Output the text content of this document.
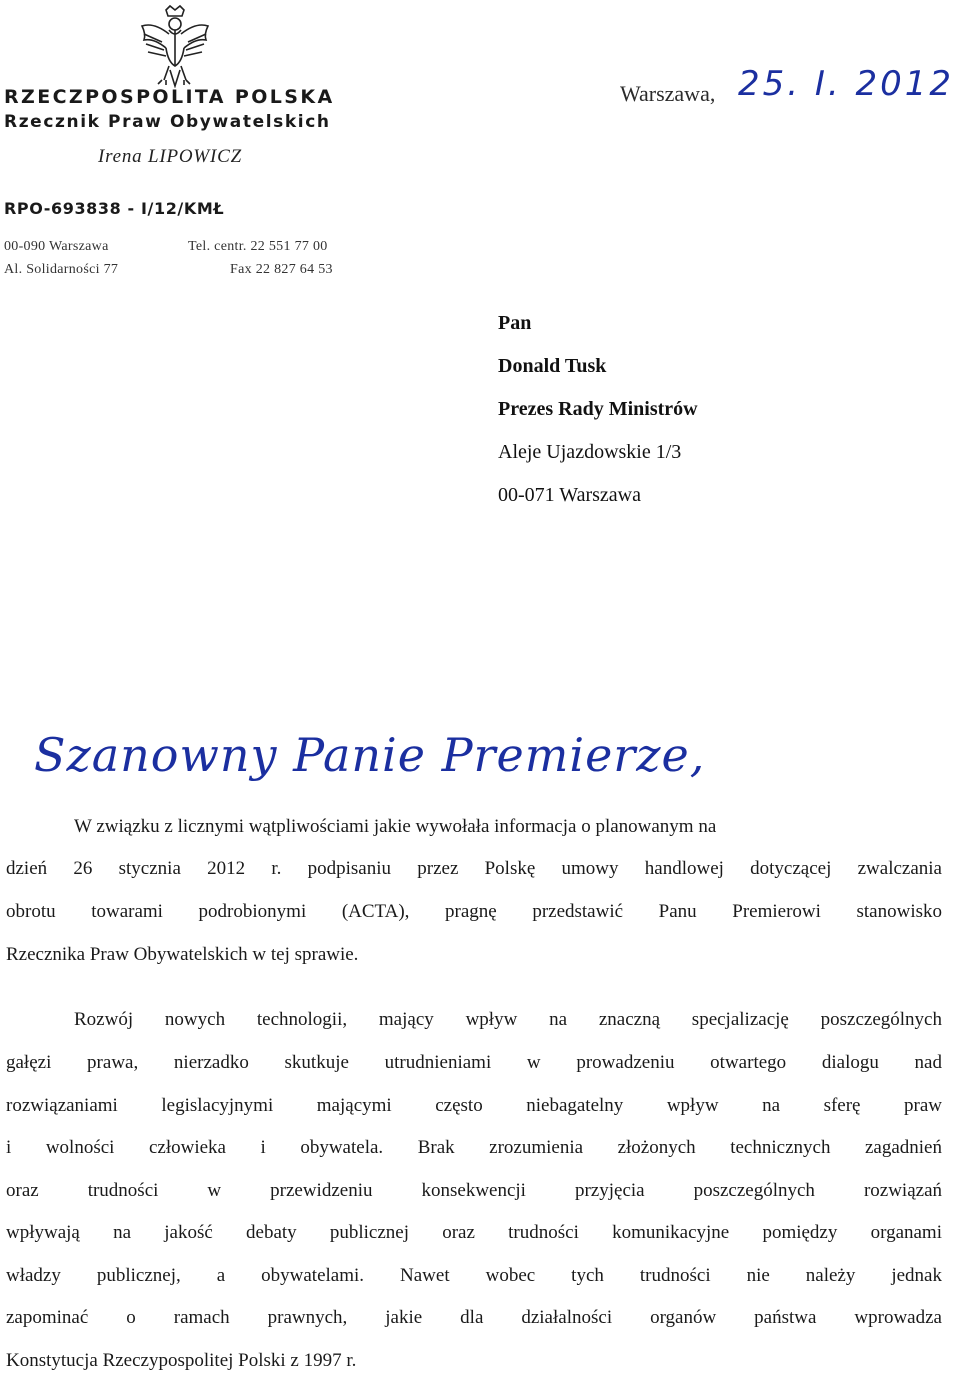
RZECZPOSPOLITA POLSKA
Rzecznik Praw Obywatelskich
Irena LIPOWICZ
RPO-693838 - I/12/KMŁ
00-090 Warszawa
Al. Solidarności 77
Tel. centr. 22 551 77 00
Fax 22 827 64 53
Warszawa, 25. I. 2012
Pan
Donald Tusk
Prezes Rady Ministrów
Aleje Ujazdowskie 1/3
00-071 Warszawa
Szanowny Panie Premierze,
W związku z licznymi wątpliwościami jakie wywołała informacja o planowanym na
dzień 26 stycznia 2012 r. podpisaniu przez Polskę umowy handlowej dotyczącej zwalczania
obrotu towarami podrobionymi (ACTA), pragnę przedstawić Panu Premierowi stanowisko
Rzecznika Praw Obywatelskich w tej sprawie.
Rozwój nowych technologii, mający wpływ na znaczną specjalizację poszczególnych
gałęzi prawa, nierzadko skutkuje utrudnieniami w prowadzeniu otwartego dialogu nad
rozwiązaniami legislacyjnymi mającymi często niebagatelny wpływ na sferę praw
i wolności człowieka i obywatela. Brak zrozumienia złożonych technicznych zagadnień
oraz trudności w przewidzeniu konsekwencji przyjęcia poszczególnych rozwiązań
wpływają na jakość debaty publicznej oraz trudności komunikacyjne pomiędzy organami
władzy publicznej, a obywatelami. Nawet wobec tych trudności nie należy jednak
zapominać o ramach prawnych, jakie dla działalności organów państwa wprowadza
Konstytucja Rzeczypospolitej Polski z 1997 r.
